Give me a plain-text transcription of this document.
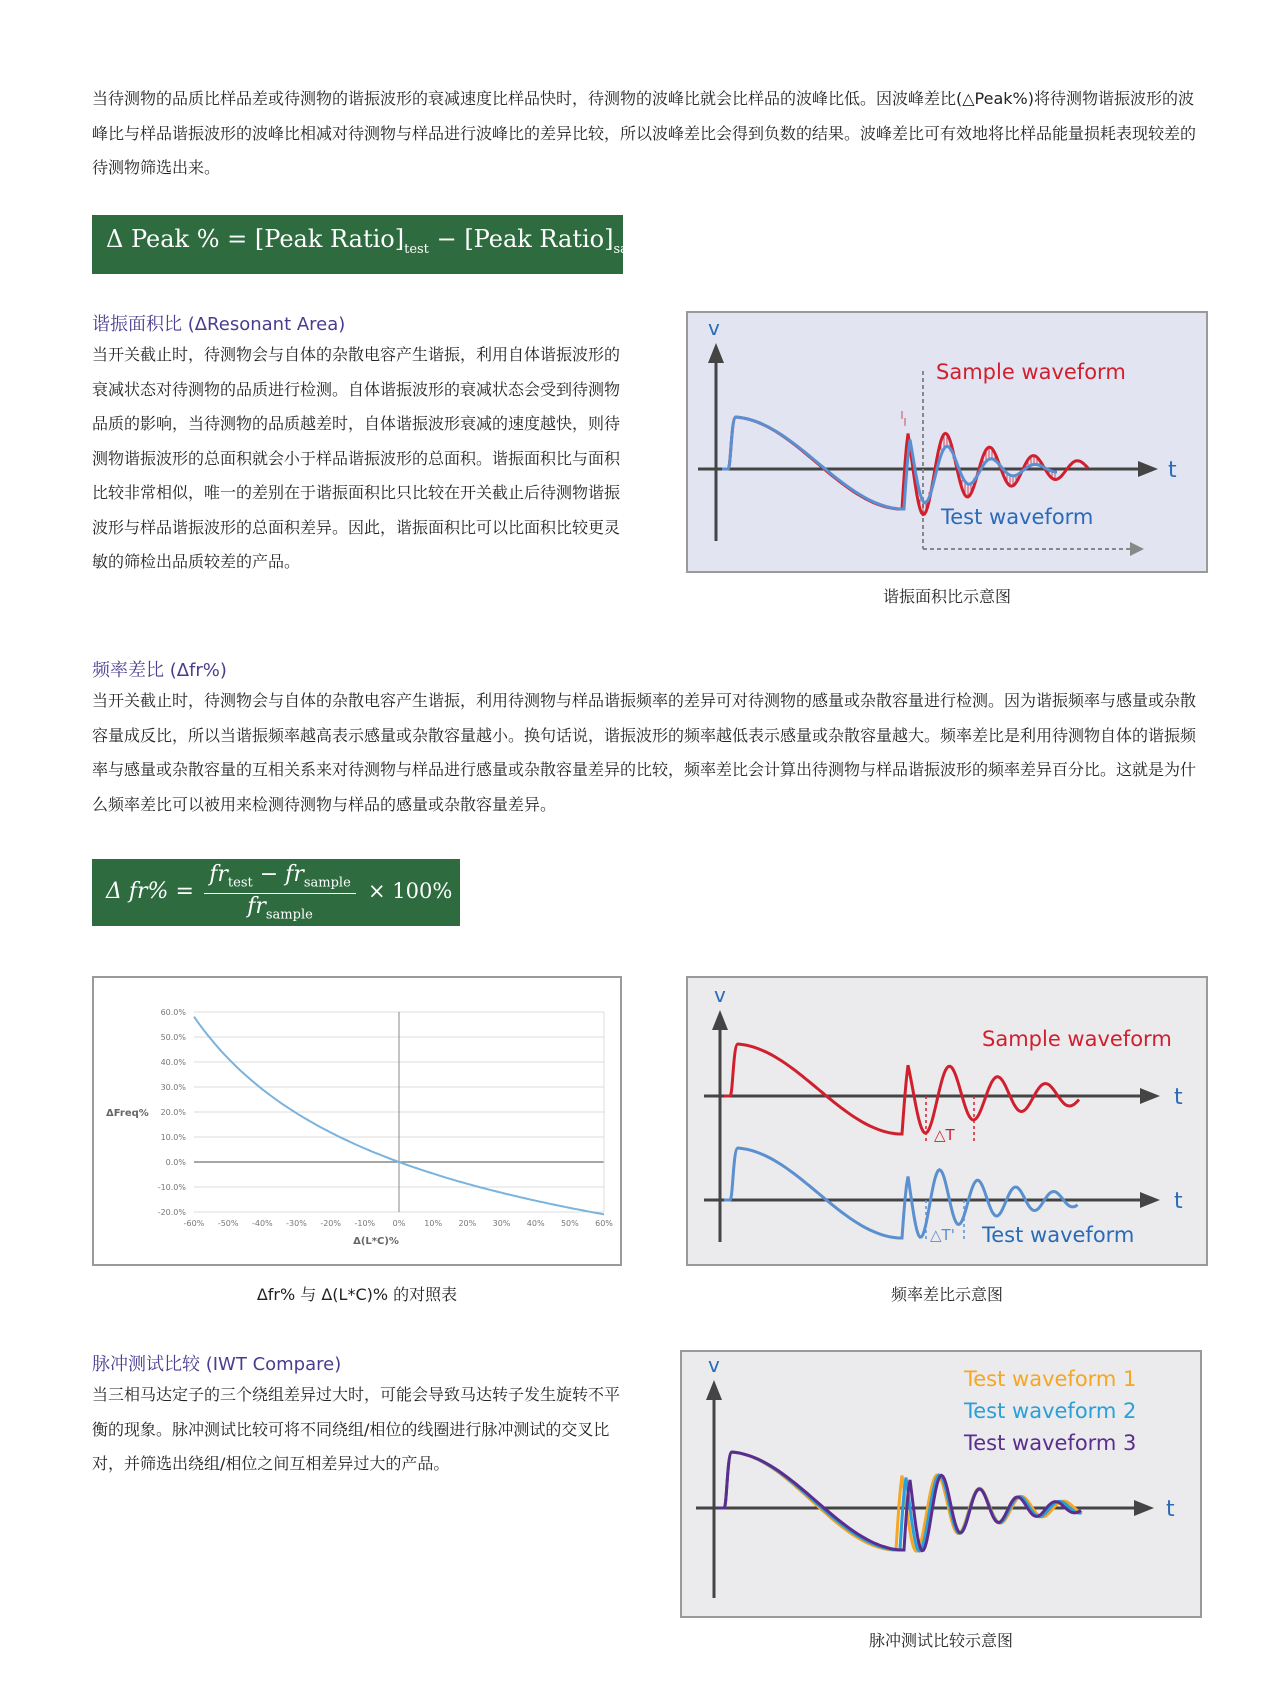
当待测物的品质比样品差或待测物的谐振波形的衰减速度比样品快时，待测物的波峰比就会比样品的波峰比低。因波峰差比(△Peak%)将待测物谐振波形的波峰比与样品谐振波形的波峰比相减对待测物与样品进行波峰比的差异比较，所以波峰差比会得到负数的结果。波峰差比可有效地将比样品能量损耗表现较差的待测物筛选出来。

Δ Peak % = [Peak $Ratio]_{test}$ − [Peak $Ratio]_{sample}$
谐振面积比 (ΔResonant Area)

当开关截止时，待测物会与自体的杂散电容产生谐振，利用自体谐振波形的衰减状态对待测物的品质进行检测。自体谐振波形的衰减状态会受到待测物品质的影响，当待测物的品质越差时，自体谐振波形衰减的速度越快，则待测物谐振波形的总面积就会小于样品谐振波形的总面积。谐振面积比与面积比较非常相似，唯一的差别在于谐振面积比只比较在开关截止后待测物谐振波形与样品谐振波形的总面积差异。因此，谐振面积比可以比面积比较更灵敏的筛检出品质较差的产品。

v
t
Sample waveform
Test waveform
谐振面积比示意图
频率差比 (Δfr%)

当开关截止时，待测物会与自体的杂散电容产生谐振，利用待测物与样品谐振频率的差异可对待测物的感量或杂散容量进行检测。因为谐振频率与感量或杂散容量成反比，所以当谐振频率越高表示感量或杂散容量越小。换句话说，谐振波形的频率越低表示感量或杂散容量越大。频率差比是利用待测物自体的谐振频率与感量或杂散容量的互相关系来对待测物与样品进行感量或杂散容量差异的比较，频率差比会计算出待测物与样品谐振波形的频率差异百分比。这就是为什么频率差比可以被用来检测待测物与样品的感量或杂散容量差异。

Δ fr% =
$fr_{test} - fr_{sample}$
$fr_{sample}$
× 100%
60.0%
50.0%
40.0%
30.0%
20.0%
10.0%
0.0%
-10.0%
-20.0%
-60% -50% -40% -30% -20% -10% 0% 10% 20% 30% 40% 50% 60%
ΔFreq%
Δ(L*C)%
Δfr% 与 Δ(L*C)% 的对照表
v
t
t
△T
△T'
Sample waveform
Test waveform
频率差比示意图
脉冲测试比较 (IWT Compare)

当三相马达定子的三个绕组差异过大时，可能会导致马达转子发生旋转不平衡的现象。脉冲测试比较可将不同绕组/相位的线圈进行脉冲测试的交叉比对，并筛选出绕组/相位之间互相差异过大的产品。

v
t
Test waveform 1
Test waveform 2
Test waveform 3
脉冲测试比较示意图
